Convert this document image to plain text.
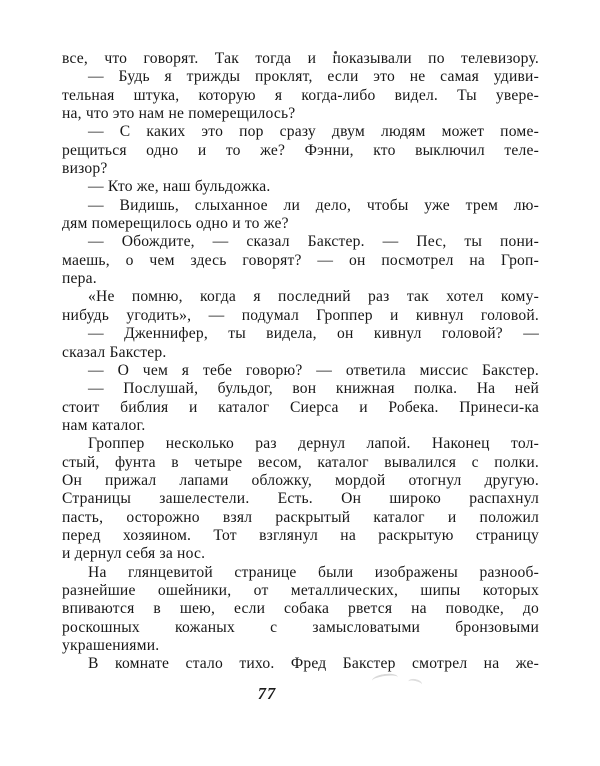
все, что говорят. Так тогда и показывали по телевизору.
— Будь я трижды проклят, если это не самая удиви-
тельная штука, которую я когда-либо видел. Ты увере-
на, что это нам не померещилось?
— С каких это пор сразу двум людям может поме-
рещиться одно и то же? Фэнни, кто выключил теле-
визор?
— Кто же, наш бульдожка.
— Видишь, слыханное ли дело, чтобы уже трем лю-
дям померещилось одно и то же?
— Обождите, — сказал Бакстер. — Пес, ты пони-
маешь, о чем здесь говорят? — он посмотрел на Гроп-
пера.
«Не помню, когда я последний раз так хотел кому-
нибудь угодить», — подумал Гроппер и кивнул головой.
— Дженнифер, ты видела, он кивнул головой? —
сказал Бакстер.
— О чем я тебе говорю? — ответила миссис Бакстер.
— Послушай, бульдог, вон книжная полка. На ней
стоит библия и каталог Сиерса и Робека. Принеси-ка
нам каталог.
Гроппер несколько раз дернул лапой. Наконец тол-
стый, фунта в четыре весом, каталог вывалился с полки.
Он прижал лапами обложку, мордой отогнул другую.
Страницы зашелестели. Есть. Он широко распахнул
пасть, осторожно взял раскрытый каталог и положил
перед хозяином. Тот взглянул на раскрытую страницу
и дернул себя за нос.
На глянцевитой странице были изображены разнооб-
разнейшие ошейники, от металлических, шипы которых
впиваются в шею, если собака рвется на поводке, до
роскошных кожаных с замысловатыми бронзовыми
украшениями.
В комнате стало тихо. Фред Бакстер смотрел на же-
77
